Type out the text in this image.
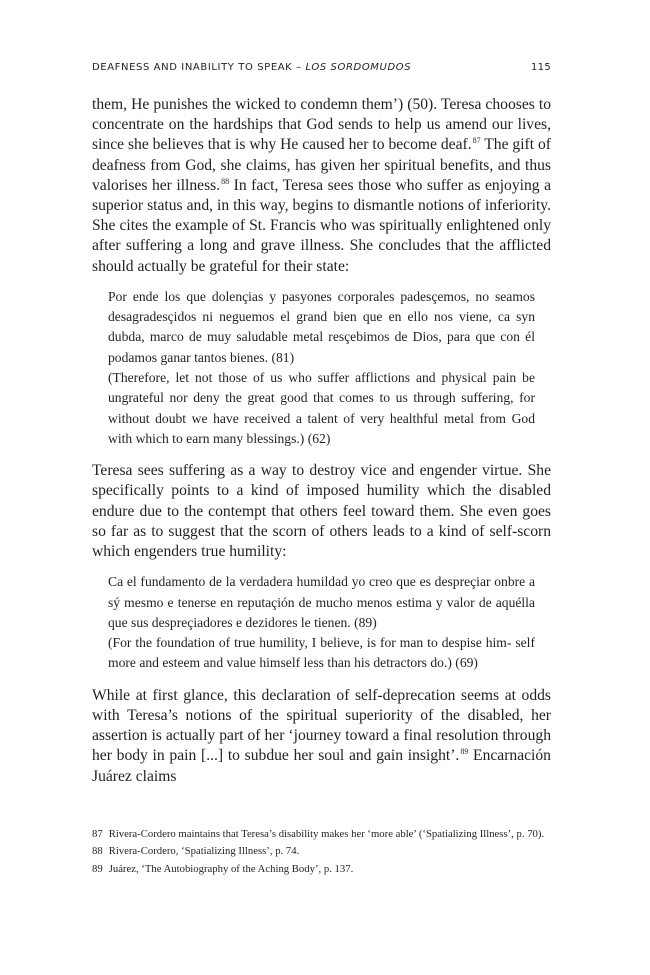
DEAFNESS AND INABILITY TO SPEAK – LOS SORDOMUDOS	115

them, He punishes the wicked to condemn them’) (50). Teresa chooses to concentrate on the hardships that God sends to help us amend our lives, since she believes that is why He caused her to become deaf.$^{87}$ The gift of deafness from God, she claims, has given her spiritual benefits, and thus valorises her illness.$^{88}$ In fact, Teresa sees those who suffer as enjoying a superior status and, in this way, begins to dismantle notions of inferiority. She cites the example of St. Francis who was spiritually enlightened only after suffering a long and grave illness. She concludes that the afflicted should actually be grateful for their state:

Por ende los que dolençias y pasyones corporales padesçemos, no seamos desagradesçidos ni neguemos el grand bien que en ello nos viene, ca syn dubda, marco de muy saludable metal resçebimos de Dios, para que con él podamos ganar tantos bienes. (81)

(Therefore, let not those of us who suffer afflictions and physical pain be ungrateful nor deny the great good that comes to us through suffering, for without doubt we have received a talent of very healthful metal from God with which to earn many blessings.) (62)

Teresa sees suffering as a way to destroy vice and engender virtue. She specifically points to a kind of imposed humility which the disabled endure due to the contempt that others feel toward them. She even goes so far as to suggest that the scorn of others leads to a kind of self-scorn which engenders true humility:

Ca el fundamento de la verdadera humildad yo creo que es despreçiar onbre a sý mesmo e tenerse en reputaçión de mucho menos estima y valor de aquélla que sus despreçiadores e dezidores le tienen. (89)

(For the foundation of true humility, I believe, is for man to despise him- self more and esteem and value himself less than his detractors do.) (69)

While at first glance, this declaration of self-deprecation seems at odds with Teresa’s notions of the spiritual superiority of the disabled, her assertion is actually part of her ‘journey toward a final resolution through her body in pain [...] to subdue her soul and gain insight’.$^{89}$ Encarnación Juárez claims

87 Rivera-Cordero maintains that Teresa’s disability makes her ‘more able’ (‘Spatializing Illness’, p. 70).

88 Rivera-Cordero, ‘Spatializing Illness’, p. 74.

89 Juárez, ‘The Autobiography of the Aching Body’, p. 137.
